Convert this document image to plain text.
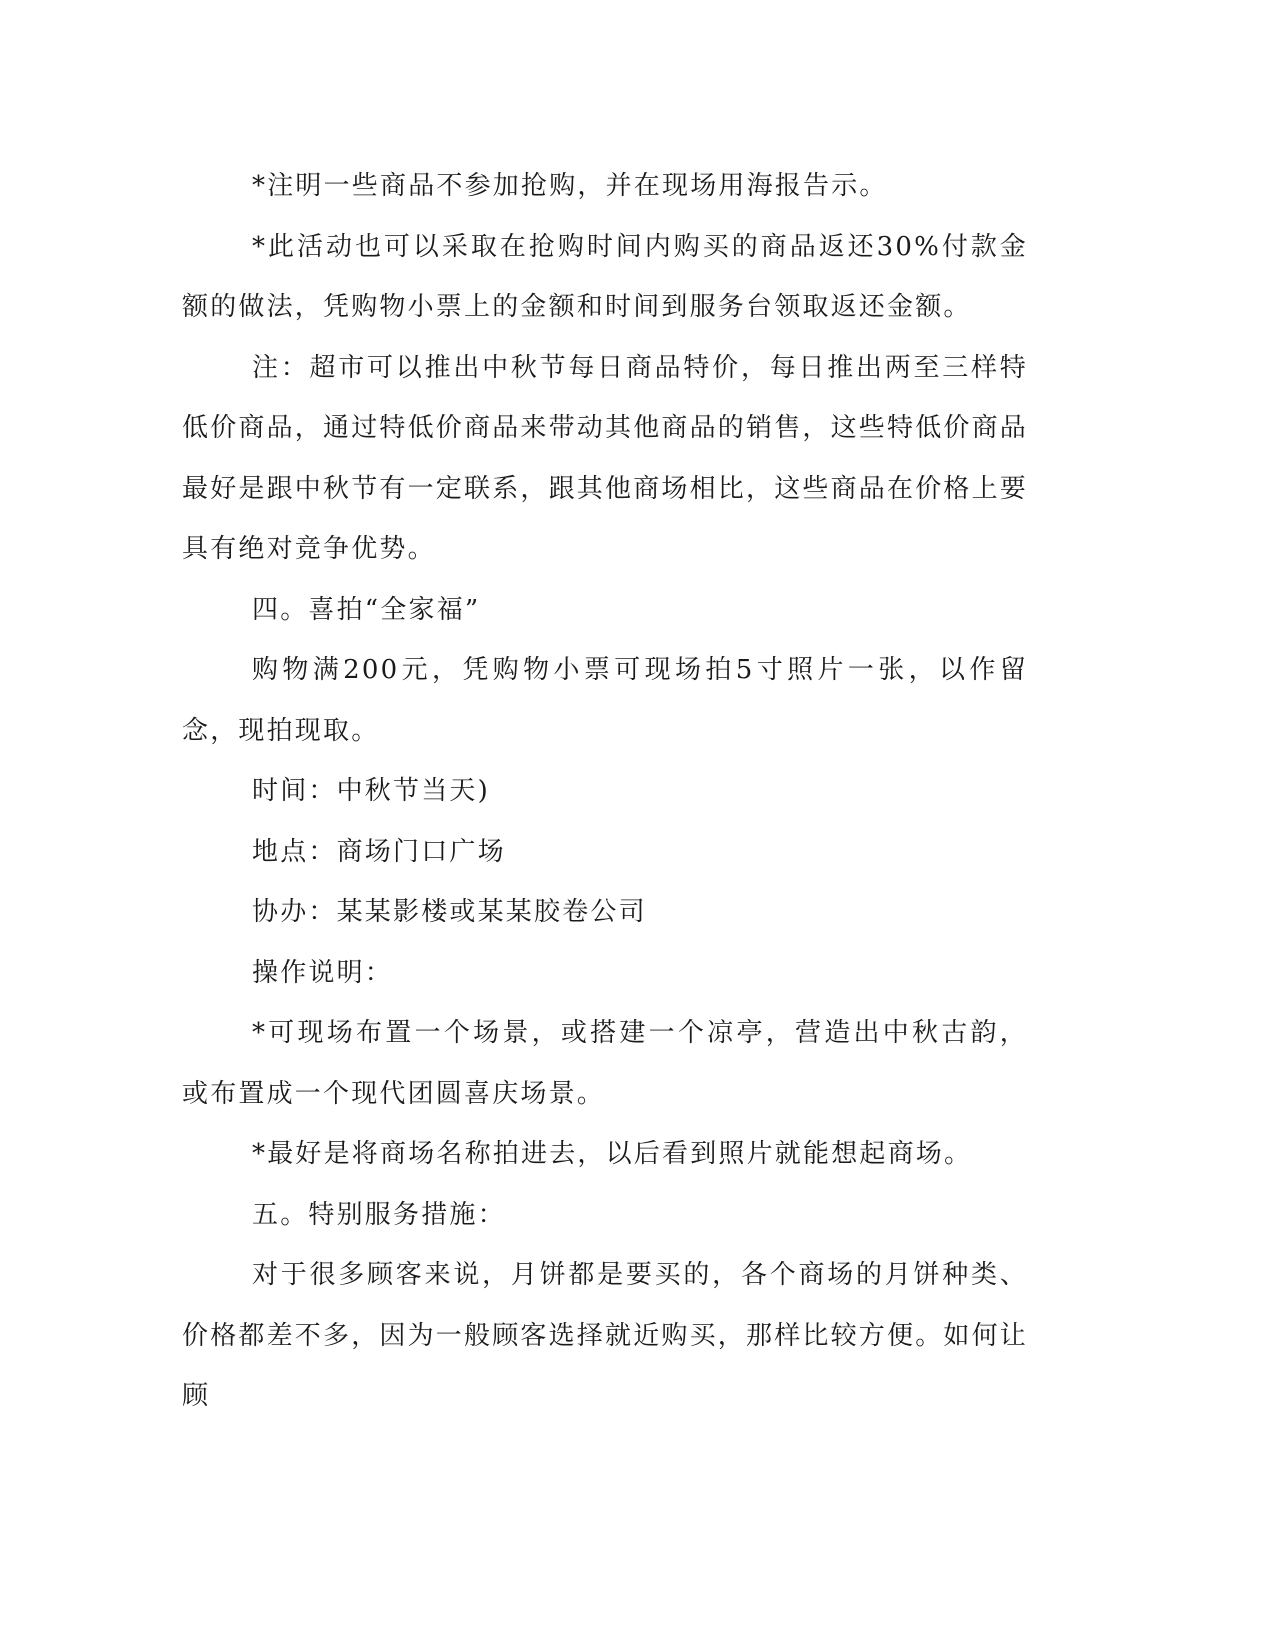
*注明一些商品不参加抢购，并在现场用海报告示。

*此活动也可以采取在抢购时间内购买的商品返还30%付款金额的做法，凭购物小票上的金额和时间到服务台领取返还金额。

注：超市可以推出中秋节每日商品特价，每日推出两至三样特低价商品，通过特低价商品来带动其他商品的销售，这些特低价商品最好是跟中秋节有一定联系，跟其他商场相比，这些商品在价格上要具有绝对竞争优势。

四。喜拍“全家福”

购物满200元，凭购物小票可现场拍5寸照片一张，以作留念，现拍现取。

时间：中秋节当天)

地点：商场门口广场

协办：某某影楼或某某胶卷公司

操作说明：

*可现场布置一个场景，或搭建一个凉亭，营造出中秋古韵，或布置成一个现代团圆喜庆场景。

*最好是将商场名称拍进去，以后看到照片就能想起商场。

五。特别服务措施：

对于很多顾客来说，月饼都是要买的，各个商场的月饼种类、价格都差不多，因为一般顾客选择就近购买，那样比较方便。如何让顾
